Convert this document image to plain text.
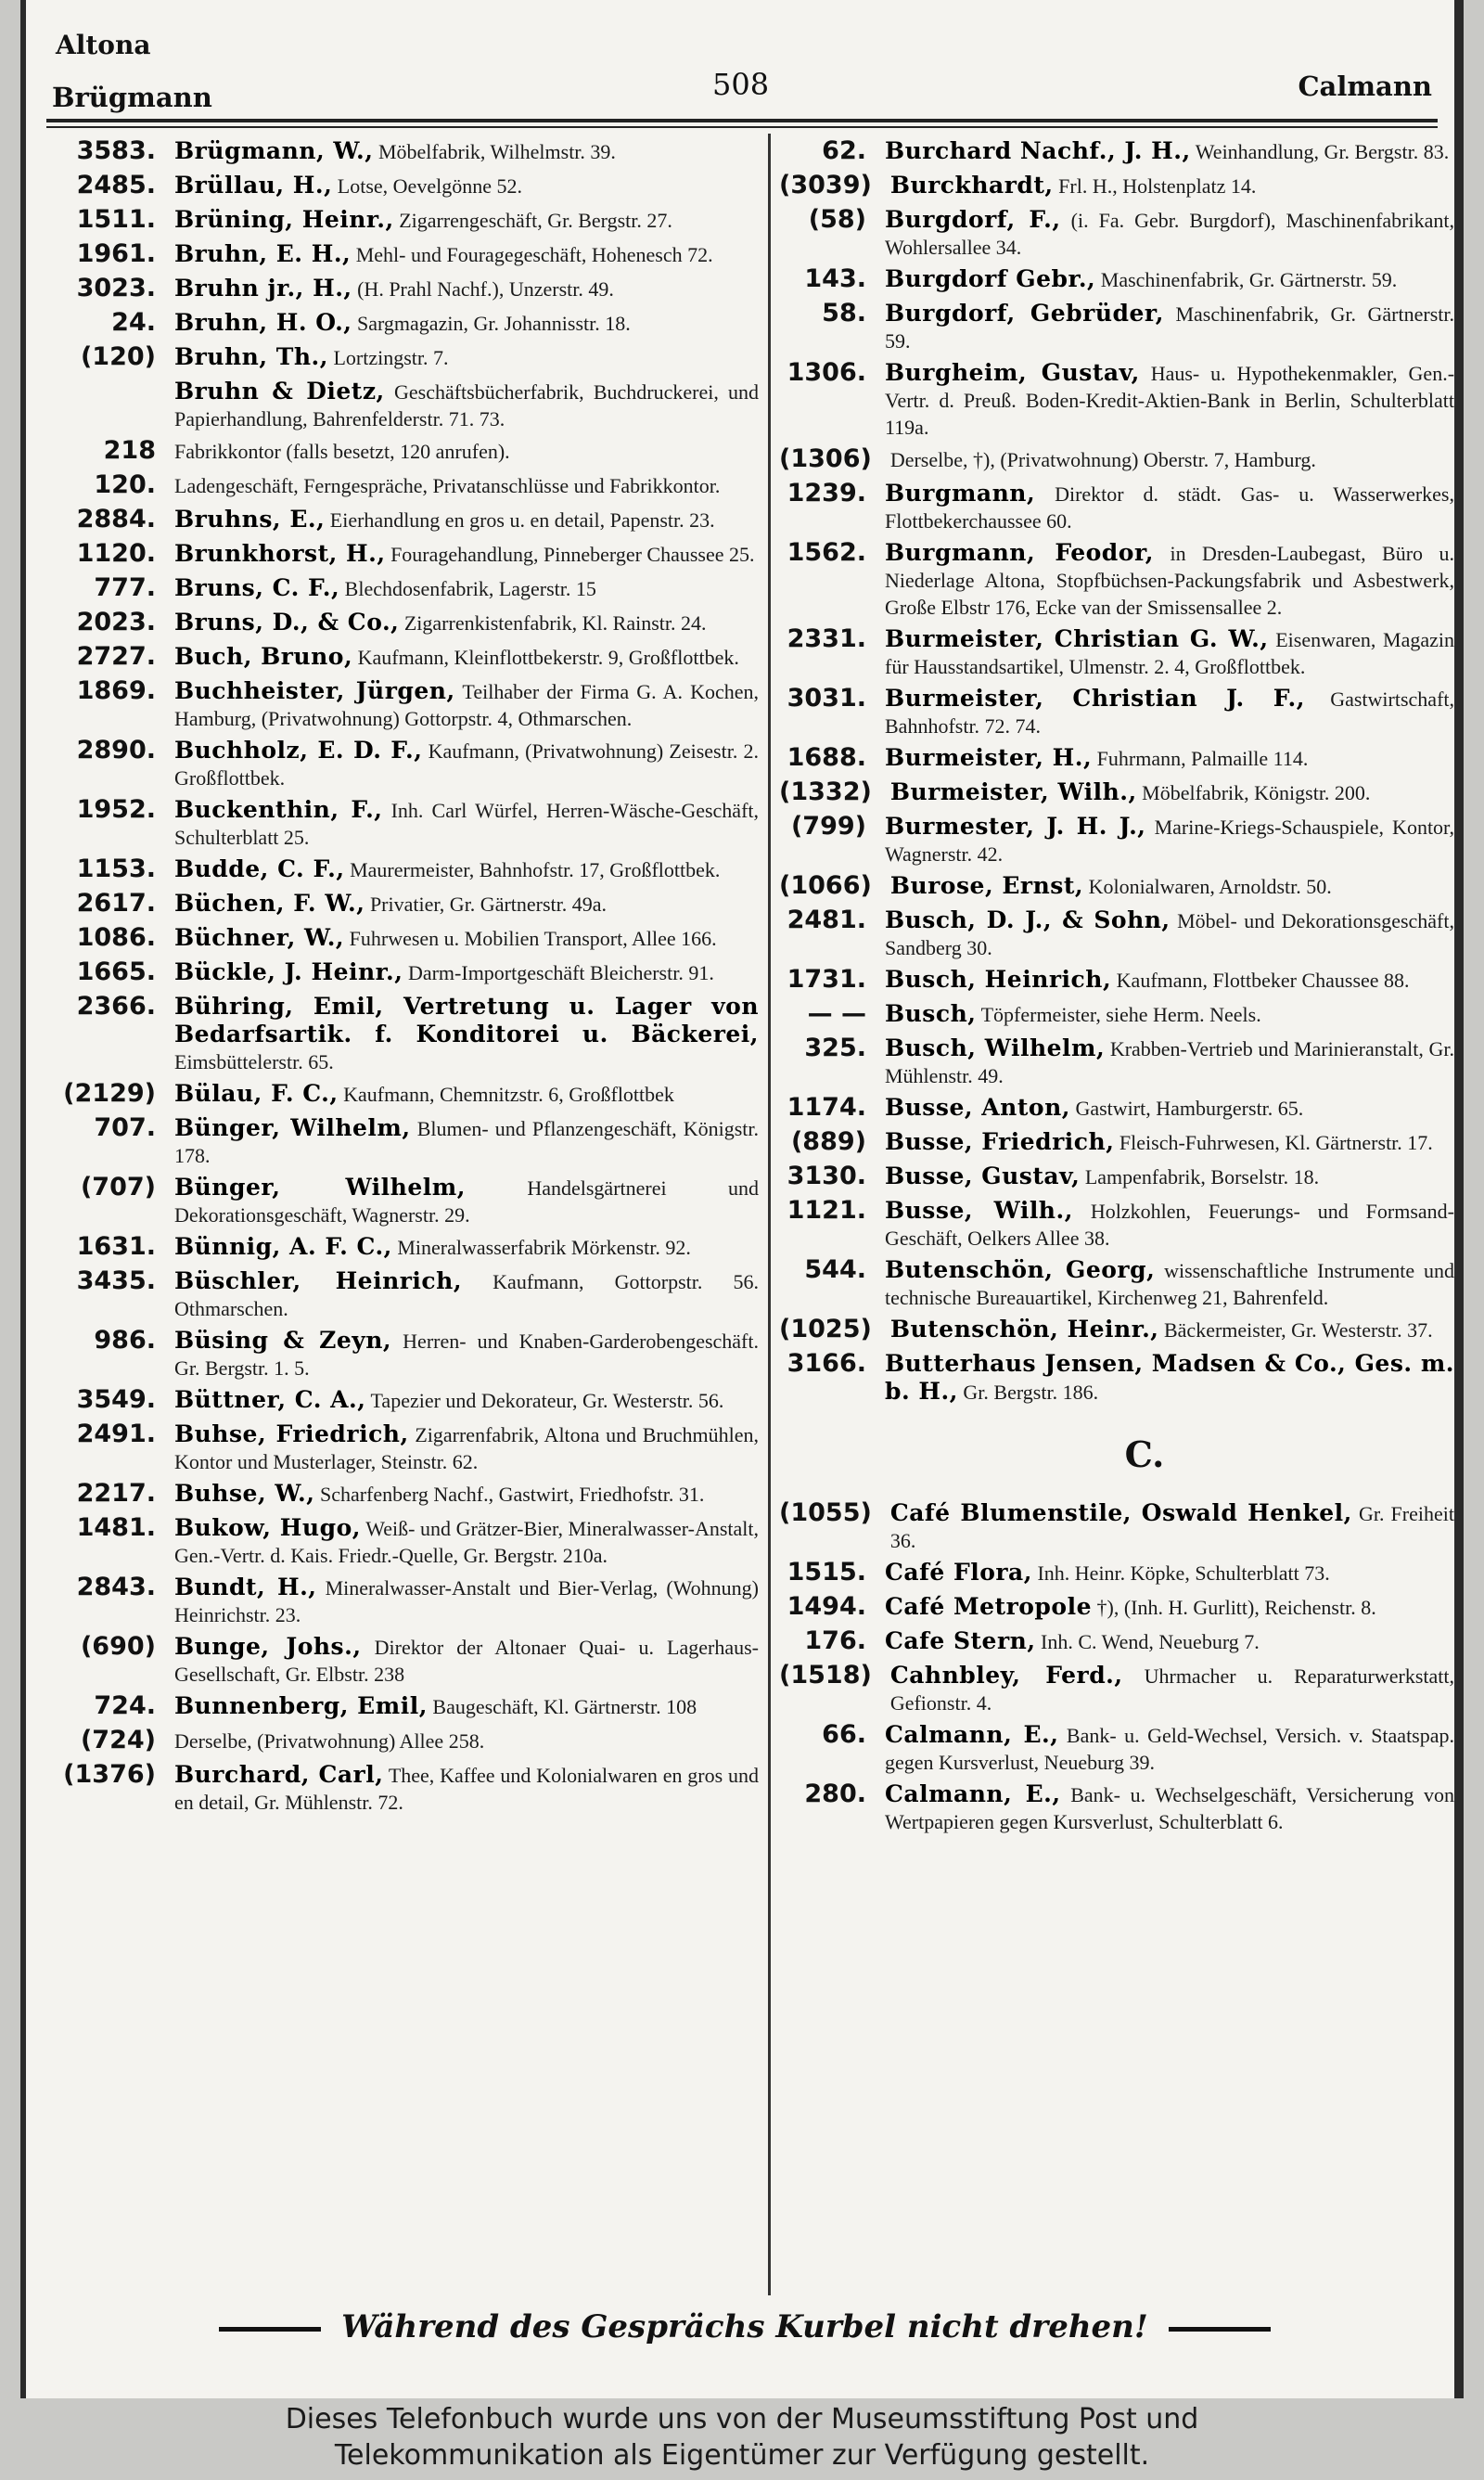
Altona
Brügmann	508	Calmann
3583. Brügmann, W., Möbelfabrik, Wilhelmstr. 39.
2485. Brüllau, H., Lotse, Oevelgönne 52.
1511. Brüning, Heinr., Zigarrengeschäft, Gr. Bergstr. 27.
1961. Bruhn, E. H., Mehl- und Fouragegeschäft, Hohenesch 72.
3023. Bruhn jr., H., (H. Prahl Nachf.), Unzerstr. 49.
24. Bruhn, H. O., Sargmagazin, Gr. Johannisstr. 18.
(120) Bruhn, Th., Lortzingstr. 7.
Bruhn & Dietz, Geschäftsbücherfabrik, Buchdruckerei, und Papierhandlung, Bahrenfelderstr. 71. 73.
218 Fabrikkontor (falls besetzt, 120 anrufen).
120. Ladengeschäft, Ferngespräche, Privatanschlüsse und Fabrikkontor.
2884. Bruhns, E., Eierhandlung en gros u. en detail, Papenstr. 23.
1120. Brunkhorst, H., Fouragehandlung, Pinneberger Chaussee 25.
777. Bruns, C. F., Blechdosenfabrik, Lagerstr. 15
2023. Bruns, D., & Co., Zigarrenkistenfabrik, Kl. Rainstr. 24.
2727. Buch, Bruno, Kaufmann, Kleinflottbekerstr. 9, Großflottbek.
1869. Buchheister, Jürgen, Teilhaber der Firma G. A. Kochen, Hamburg, (Privatwohnung) Gottorpstr. 4, Othmarschen.
2890. Buchholz, E. D. F., Kaufmann, (Privatwohnung) Zeisestr. 2. Großflottbek.
1952. Buckenthin, F., Inh. Carl Würfel, Herren-Wäsche-Geschäft, Schulterblatt 25.
1153. Budde, C. F., Maurermeister, Bahnhofstr. 17, Großflottbek.
2617. Büchen, F. W., Privatier, Gr. Gärtnerstr. 49a.
1086. Büchner, W., Fuhrwesen u. Mobilien Transport, Allee 166.
1665. Bückle, J. Heinr., Darm-Importgeschäft Bleicherstr. 91.
2366. Bühring, Emil, Vertretung u. Lager von Bedarfsartik. f. Konditorei u. Bäckerei, Eimsbüttelerstr. 65.
(2129) Bülau, F. C., Kaufmann, Chemnitzstr. 6, Großflottbek
707. Bünger, Wilhelm, Blumen- und Pflanzengeschäft, Königstr. 178.
(707) Bünger, Wilhelm,	Handelsgärtnerei und Dekorationsgeschäft, Wagnerstr. 29.
1631. Bünnig, A. F. C., Mineralwasserfabrik Mörkenstr. 92.
3435. Büschler, Heinrich, Kaufmann, Gottorpstr. 56. Othmarschen.
986. Büsing & Zeyn, Herren- und Knaben-Garderobengeschäft. Gr. Bergstr. 1. 5.
3549. Büttner, C. A., Tapezier und Dekorateur, Gr. Westerstr. 56.
2491. Buhse, Friedrich, Zigarrenfabrik, Altona und Bruchmühlen, Kontor und Musterlager, Steinstr. 62.
2217. Buhse, W., Scharfenberg Nachf., Gastwirt, Friedhofstr. 31.
1481. Bukow, Hugo, Weiß- und Grätzer-Bier, Mineralwasser-Anstalt, Gen.-Vertr. d. Kais. Friedr.-Quelle, Gr. Bergstr. 210a.
2843. Bundt, H., Mineralwasser-Anstalt und Bier-Verlag, (Wohnung) Heinrichstr. 23.
(690) Bunge, Johs., Direktor der Altonaer Quai- u. Lagerhaus-Gesellschaft, Gr. Elbstr. 238
724. Bunnenberg, Emil, Baugeschäft, Kl. Gärtnerstr. 108
(724) Derselbe, (Privatwohnung) Allee 258.
(1376) Burchard, Carl, Thee, Kaffee und Kolonialwaren en gros und en detail, Gr. Mühlenstr. 72.
62. Burchard Nachf., J. H., Weinhandlung, Gr. Bergstr. 83.
(3039) Burckhardt, Frl. H., Holstenplatz 14.
(58) Burgdorf, F., (i. Fa. Gebr. Burgdorf), Maschinenfabrikant, Wohlersallee 34.
143. Burgdorf Gebr., Maschinenfabrik, Gr. Gärtnerstr. 59.
58. Burgdorf, Gebrüder, Maschinenfabrik, Gr. Gärtnerstr. 59.
1306. Burgheim, Gustav, Haus- u. Hypothekenmakler, Gen.-Vertr. d. Preuß. Boden-Kredit-Aktien-Bank in Berlin, Schulterblatt 119a.
(1306) Derselbe, †), (Privatwohnung) Oberstr. 7, Hamburg.
1239. Burgmann, Direktor d. städt. Gas- u. Wasserwerkes, Flottbekerchaussee 60.
1562. Burgmann, Feodor, in Dresden-Laubegast, Büro u. Niederlage Altona, Stopfbüchsen-Packungsfabrik und Asbestwerk, Große Elbstr 176, Ecke van der Smissensallee 2.
2331. Burmeister, Christian G. W., Eisenwaren, Magazin für Hausstandsartikel, Ulmenstr. 2. 4, Großflottbek.
3031. Burmeister, Christian J. F., Gastwirtschaft, Bahnhofstr. 72. 74.
1688. Burmeister, H., Fuhrmann, Palmaille 114.
(1332) Burmeister, Wilh., Möbelfabrik, Königstr. 200.
(799) Burmester, J. H. J., Marine-Kriegs-Schauspiele, Kontor, Wagnerstr. 42.
(1066) Burose, Ernst, Kolonialwaren, Arnoldstr. 50.
2481. Busch, D. J., & Sohn, Möbel- und Dekorationsgeschäft, Sandberg 30.
1731. Busch, Heinrich, Kaufmann, Flottbeker Chaussee 88.
— — Busch, Töpfermeister, siehe Herm. Neels.
325. Busch, Wilhelm, Krabben-Vertrieb und Marinieranstalt, Gr. Mühlenstr. 49.
1174. Busse, Anton, Gastwirt, Hamburgerstr. 65.
(889) Busse, Friedrich, Fleisch-Fuhrwesen, Kl. Gärtnerstr. 17.
3130. Busse, Gustav, Lampenfabrik, Borselstr. 18.
1121. Busse, Wilh., Holzkohlen, Feuerungs- und Formsand-Geschäft, Oelkers Allee 38.
544. Butenschön, Georg, wissenschaftliche Instrumente und technische Bureauartikel, Kirchenweg 21, Bahrenfeld.
(1025) Butenschön, Heinr., Bäckermeister, Gr. Westerstr. 37.
3166. Butterhaus Jensen, Madsen & Co., Ges. m. b. H., Gr. Bergstr. 186.
C.
(1055) Café Blumenstile, Oswald Henkel, Gr. Freiheit 36.
1515. Café Flora, Inh. Heinr. Köpke, Schulterblatt 73.
1494. Café Metropole †), (Inh. H. Gurlitt), Reichenstr. 8.
176. Cafe Stern, Inh. C. Wend, Neueburg 7.
(1518) Cahnbley, Ferd., Uhrmacher u. Reparaturwerkstatt, Gefionstr. 4.
66. Calmann, E., Bank- u. Geld-Wechsel, Versich. v. Staatspap. gegen Kursverlust, Neueburg 39.
280. Calmann, E., Bank- u. Wechselgeschäft, Versicherung von Wertpapieren gegen Kursverlust, Schulterblatt 6.
Während des Gesprächs Kurbel nicht drehen!
Dieses Telefonbuch wurde uns von der Museumsstiftung Post und
Telekommunikation als Eigentümer zur Verfügung gestellt.
